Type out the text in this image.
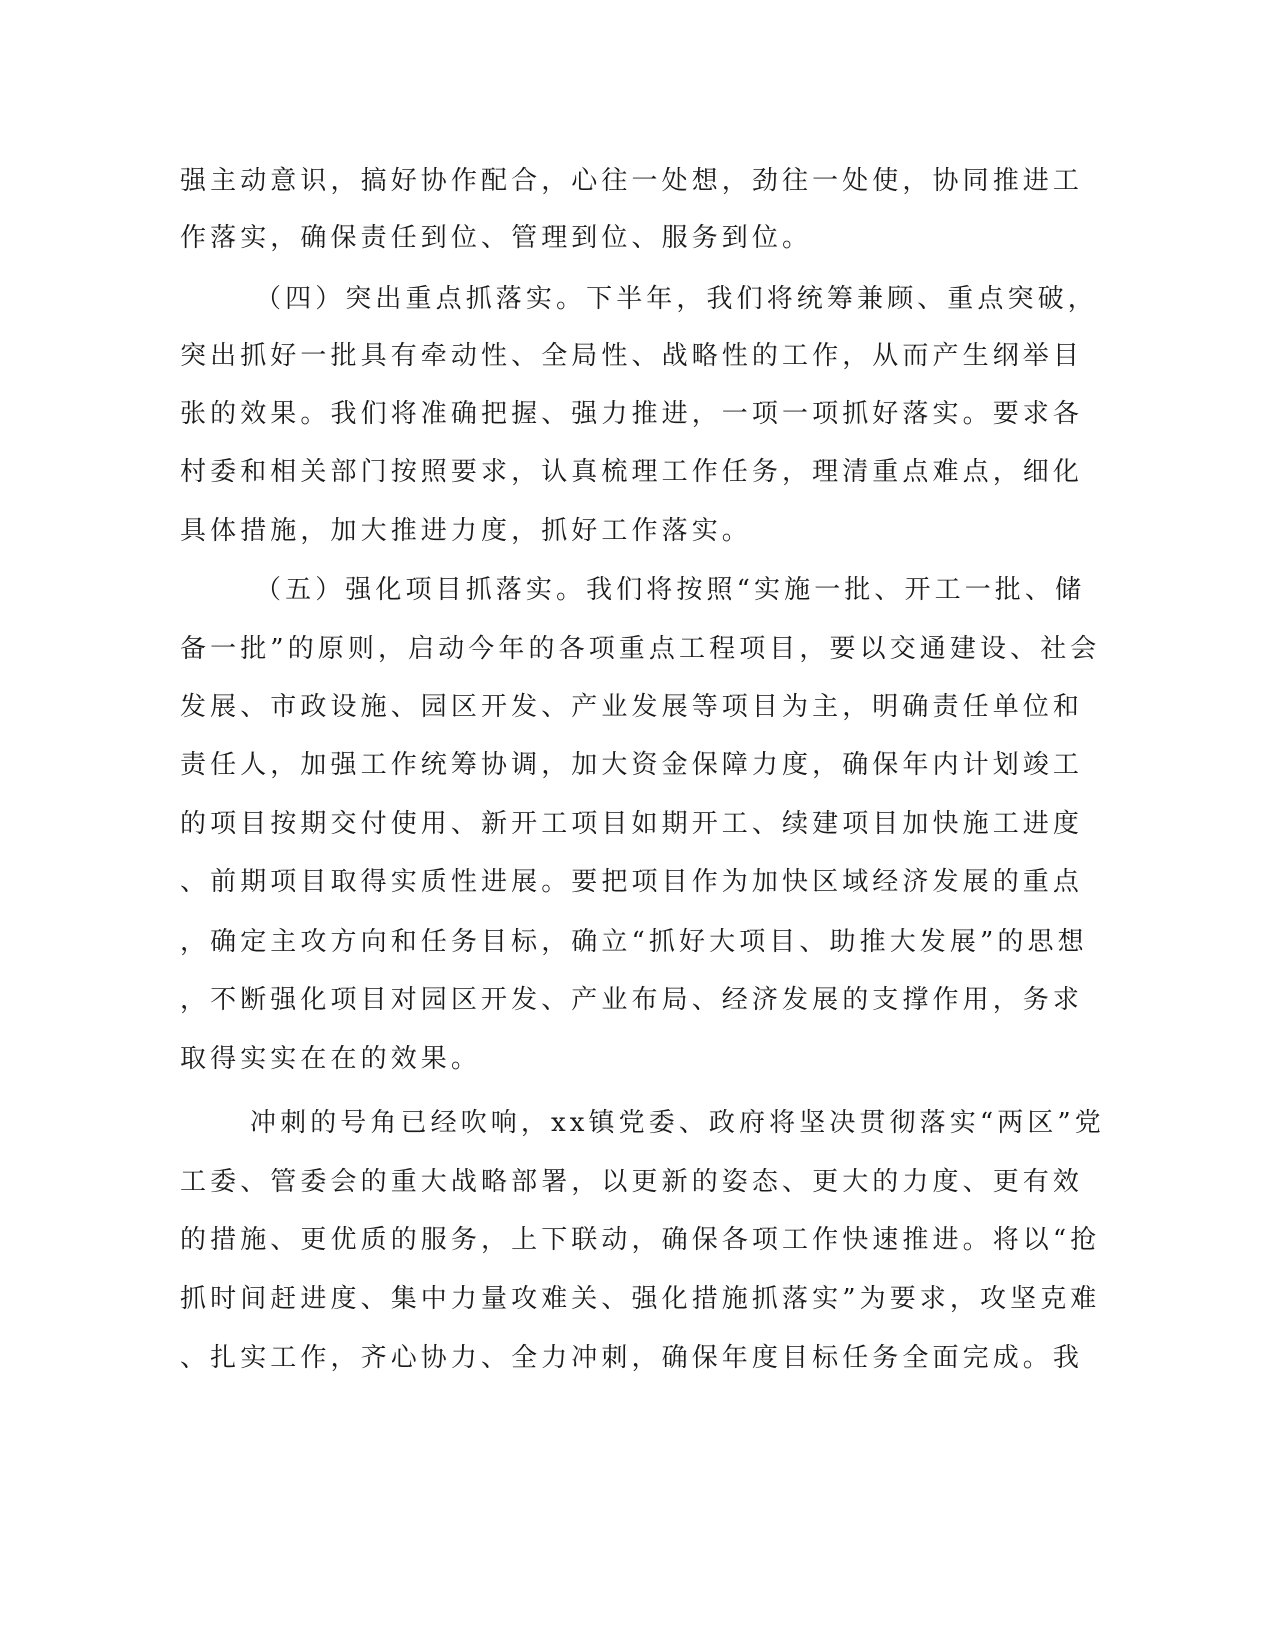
强主动意识，搞好协作配合，心往一处想，劲往一处使，协同推进工
作落实，确保责任到位、管理到位、服务到位。
（四）突出重点抓落实。下半年，我们将统筹兼顾、重点突破，
突出抓好一批具有牵动性、全局性、战略性的工作，从而产生纲举目
张的效果。我们将准确把握、强力推进，一项一项抓好落实。要求各
村委和相关部门按照要求，认真梳理工作任务，理清重点难点，细化
具体措施，加大推进力度，抓好工作落实。
（五）强化项目抓落实。我们将按照“实施一批、开工一批、储
备一批”的原则，启动今年的各项重点工程项目，要以交通建设、社会
发展、市政设施、园区开发、产业发展等项目为主，明确责任单位和
责任人，加强工作统筹协调，加大资金保障力度，确保年内计划竣工
的项目按期交付使用、新开工项目如期开工、续建项目加快施工进度
、前期项目取得实质性进展。要把项目作为加快区域经济发展的重点
，确定主攻方向和任务目标，确立“抓好大项目、助推大发展”的思想
，不断强化项目对园区开发、产业布局、经济发展的支撑作用，务求
取得实实在在的效果。
冲刺的号角已经吹响，xx镇党委、政府将坚决贯彻落实“两区”党
工委、管委会的重大战略部署，以更新的姿态、更大的力度、更有效
的措施、更优质的服务，上下联动，确保各项工作快速推进。将以“抢
抓时间赶进度、集中力量攻难关、强化措施抓落实”为要求，攻坚克难
、扎实工作，齐心协力、全力冲刺，确保年度目标任务全面完成。我
